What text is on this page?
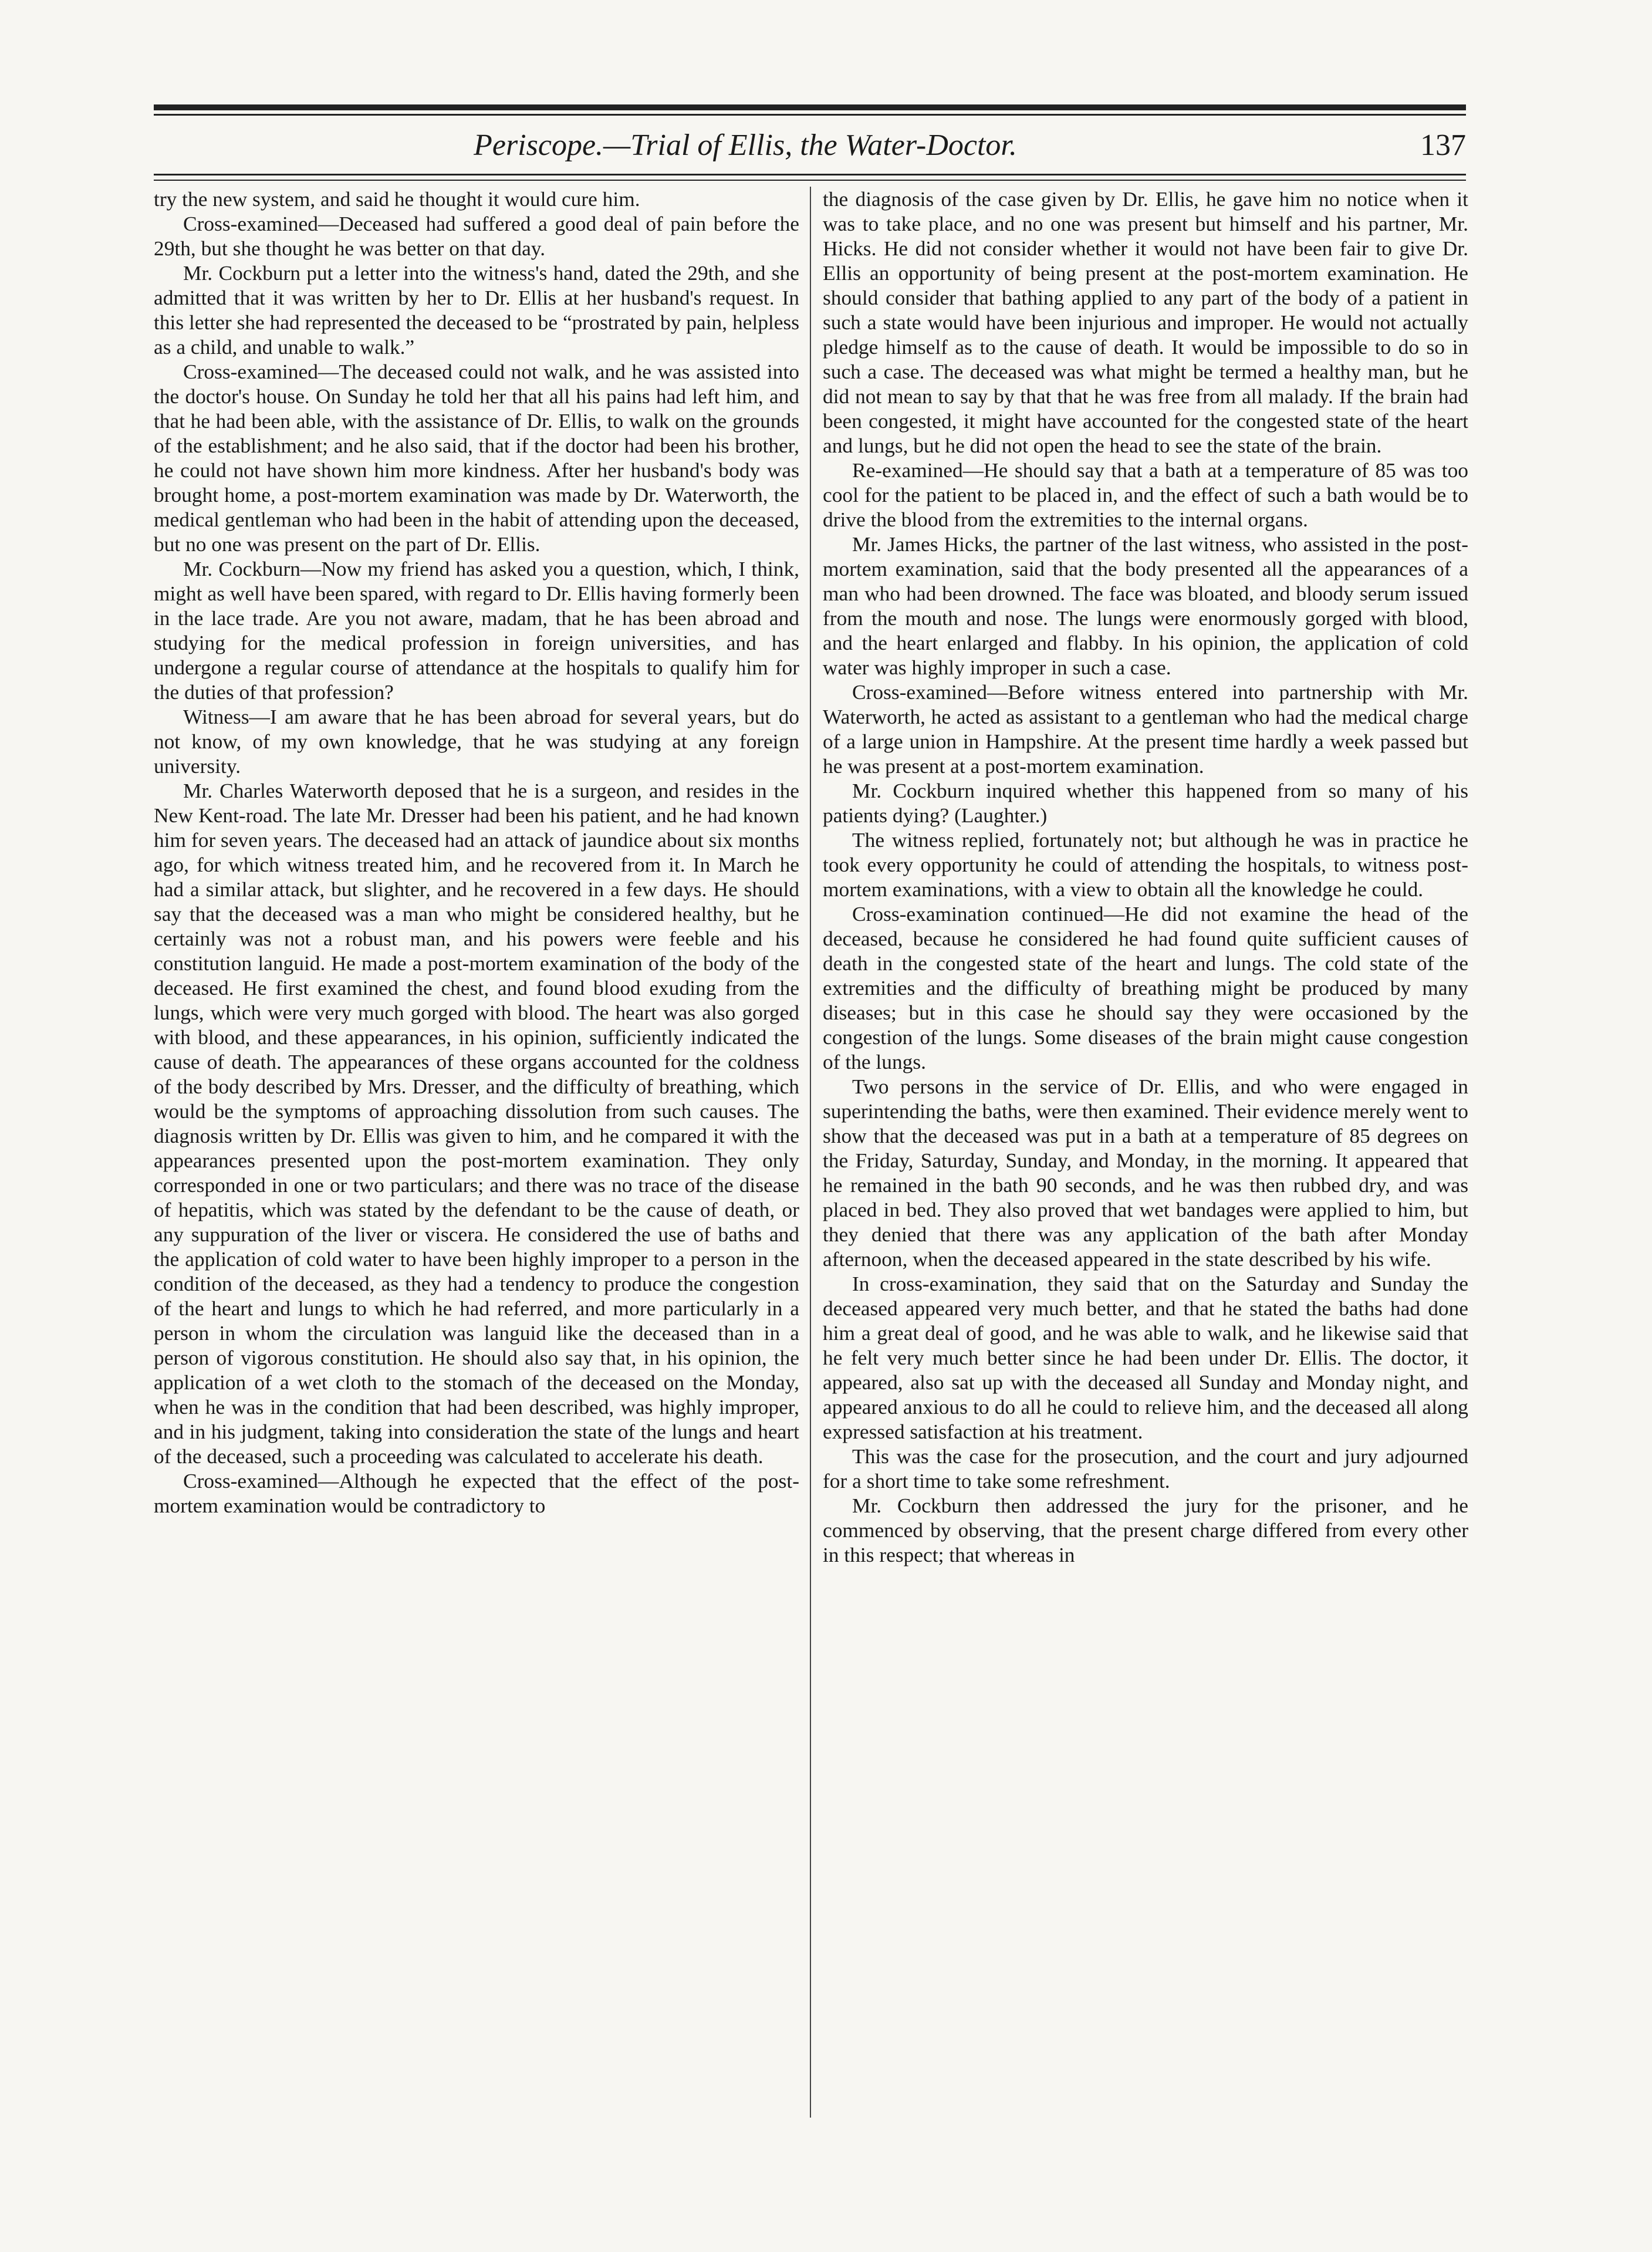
Periscope.—Trial of Ellis, the Water-Doctor.	137

try the new system, and said he thought it would cure him.

Cross-examined—Deceased had suffered a good deal of pain before the 29th, but she thought he was better on that day.

Mr. Cockburn put a letter into the witness's hand, dated the 29th, and she admitted that it was written by her to Dr. Ellis at her husband's request. In this letter she had represented the deceased to be “prostrated by pain, helpless as a child, and unable to walk.”

Cross-examined—The deceased could not walk, and he was assisted into the doctor's house. On Sunday he told her that all his pains had left him, and that he had been able, with the assistance of Dr. Ellis, to walk on the grounds of the establishment; and he also said, that if the doctor had been his brother, he could not have shown him more kindness. After her husband's body was brought home, a post-mortem examination was made by Dr. Waterworth, the medical gentleman who had been in the habit of attending upon the deceased, but no one was present on the part of Dr. Ellis.

Mr. Cockburn—Now my friend has asked you a question, which, I think, might as well have been spared, with regard to Dr. Ellis having formerly been in the lace trade. Are you not aware, madam, that he has been abroad and studying for the medical profession in foreign universities, and has undergone a regular course of attendance at the hospitals to qualify him for the duties of that profession?

Witness—I am aware that he has been abroad for several years, but do not know, of my own knowledge, that he was studying at any foreign university.

Mr. Charles Waterworth deposed that he is a surgeon, and resides in the New Kent-road. The late Mr. Dresser had been his patient, and he had known him for seven years. The deceased had an attack of jaundice about six months ago, for which witness treated him, and he recovered from it. In March he had a similar attack, but slighter, and he recovered in a few days. He should say that the deceased was a man who might be considered healthy, but he certainly was not a robust man, and his powers were feeble and his constitution languid. He made a post-mortem examination of the body of the deceased. He first examined the chest, and found blood exuding from the lungs, which were very much gorged with blood. The heart was also gorged with blood, and these appearances, in his opinion, sufficiently indicated the cause of death. The appearances of these organs accounted for the coldness of the body described by Mrs. Dresser, and the difficulty of breathing, which would be the symptoms of approaching dissolution from such causes. The diagnosis written by Dr. Ellis was given to him, and he compared it with the appearances presented upon the post-mortem examination. They only corresponded in one or two particulars; and there was no trace of the disease of hepatitis, which was stated by the defendant to be the cause of death, or any suppuration of the liver or viscera. He considered the use of baths and the application of cold water to have been highly improper to a person in the condition of the deceased, as they had a tendency to produce the congestion of the heart and lungs to which he had referred, and more particularly in a person in whom the circulation was languid like the deceased than in a person of vigorous constitution. He should also say that, in his opinion, the application of a wet cloth to the stomach of the deceased on the Monday, when he was in the condition that had been described, was highly improper, and in his judgment, taking into consideration the state of the lungs and heart of the deceased, such a proceeding was calculated to accelerate his death.

Cross-examined—Although he expected that the effect of the post-mortem examination would be contradictory to

the diagnosis of the case given by Dr. Ellis, he gave him no notice when it was to take place, and no one was present but himself and his partner, Mr. Hicks. He did not consider whether it would not have been fair to give Dr. Ellis an opportunity of being present at the post-mortem examination. He should consider that bathing applied to any part of the body of a patient in such a state would have been injurious and improper. He would not actually pledge himself as to the cause of death. It would be impossible to do so in such a case. The deceased was what might be termed a healthy man, but he did not mean to say by that that he was free from all malady. If the brain had been congested, it might have accounted for the congested state of the heart and lungs, but he did not open the head to see the state of the brain.

Re-examined—He should say that a bath at a temperature of 85 was too cool for the patient to be placed in, and the effect of such a bath would be to drive the blood from the extremities to the internal organs.

Mr. James Hicks, the partner of the last witness, who assisted in the post-mortem examination, said that the body presented all the appearances of a man who had been drowned. The face was bloated, and bloody serum issued from the mouth and nose. The lungs were enormously gorged with blood, and the heart enlarged and flabby. In his opinion, the application of cold water was highly improper in such a case.

Cross-examined—Before witness entered into partnership with Mr. Waterworth, he acted as assistant to a gentleman who had the medical charge of a large union in Hampshire. At the present time hardly a week passed but he was present at a post-mortem examination.

Mr. Cockburn inquired whether this happened from so many of his patients dying? (Laughter.)

The witness replied, fortunately not; but although he was in practice he took every opportunity he could of attending the hospitals, to witness post-mortem examinations, with a view to obtain all the knowledge he could.

Cross-examination continued—He did not examine the head of the deceased, because he considered he had found quite sufficient causes of death in the congested state of the heart and lungs. The cold state of the extremities and the difficulty of breathing might be produced by many diseases; but in this case he should say they were occasioned by the congestion of the lungs. Some diseases of the brain might cause congestion of the lungs.

Two persons in the service of Dr. Ellis, and who were engaged in superintending the baths, were then examined. Their evidence merely went to show that the deceased was put in a bath at a temperature of 85 degrees on the Friday, Saturday, Sunday, and Monday, in the morning. It appeared that he remained in the bath 90 seconds, and he was then rubbed dry, and was placed in bed. They also proved that wet bandages were applied to him, but they denied that there was any application of the bath after Monday afternoon, when the deceased appeared in the state described by his wife.

In cross-examination, they said that on the Saturday and Sunday the deceased appeared very much better, and that he stated the baths had done him a great deal of good, and he was able to walk, and he likewise said that he felt very much better since he had been under Dr. Ellis. The doctor, it appeared, also sat up with the deceased all Sunday and Monday night, and appeared anxious to do all he could to relieve him, and the deceased all along expressed satisfaction at his treatment.

This was the case for the prosecution, and the court and jury adjourned for a short time to take some refreshment.

Mr. Cockburn then addressed the jury for the prisoner, and he commenced by observing, that the present charge differed from every other in this respect; that whereas in
